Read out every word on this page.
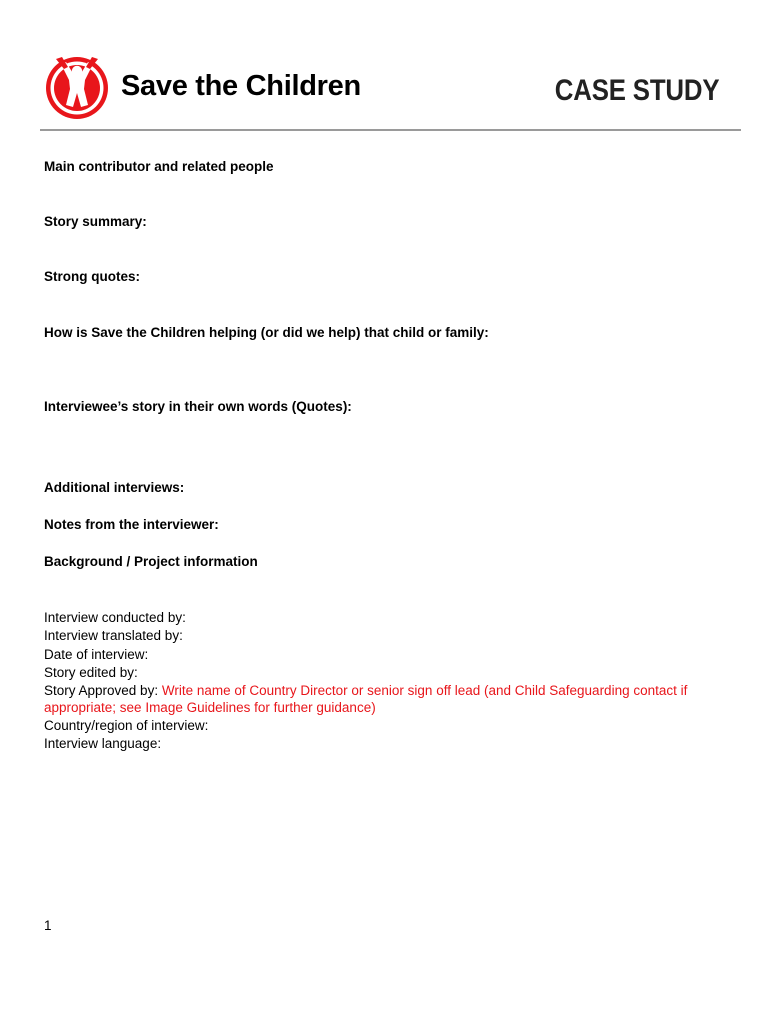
Save the Children	CASE STUDY
Main contributor and related people
Story summary:
Strong quotes:
How is Save the Children helping (or did we help) that child or family:
Interviewee’s story in their own words (Quotes):
Additional interviews:
Notes from the interviewer:
Background / Project information
Interview conducted by:
Interview translated by:
Date of interview:
Story edited by:
Story Approved by: Write name of Country Director or senior sign off lead (and Child Safeguarding contact if appropriate; see Image Guidelines for further guidance)
Country/region of interview:
Interview language:
1
